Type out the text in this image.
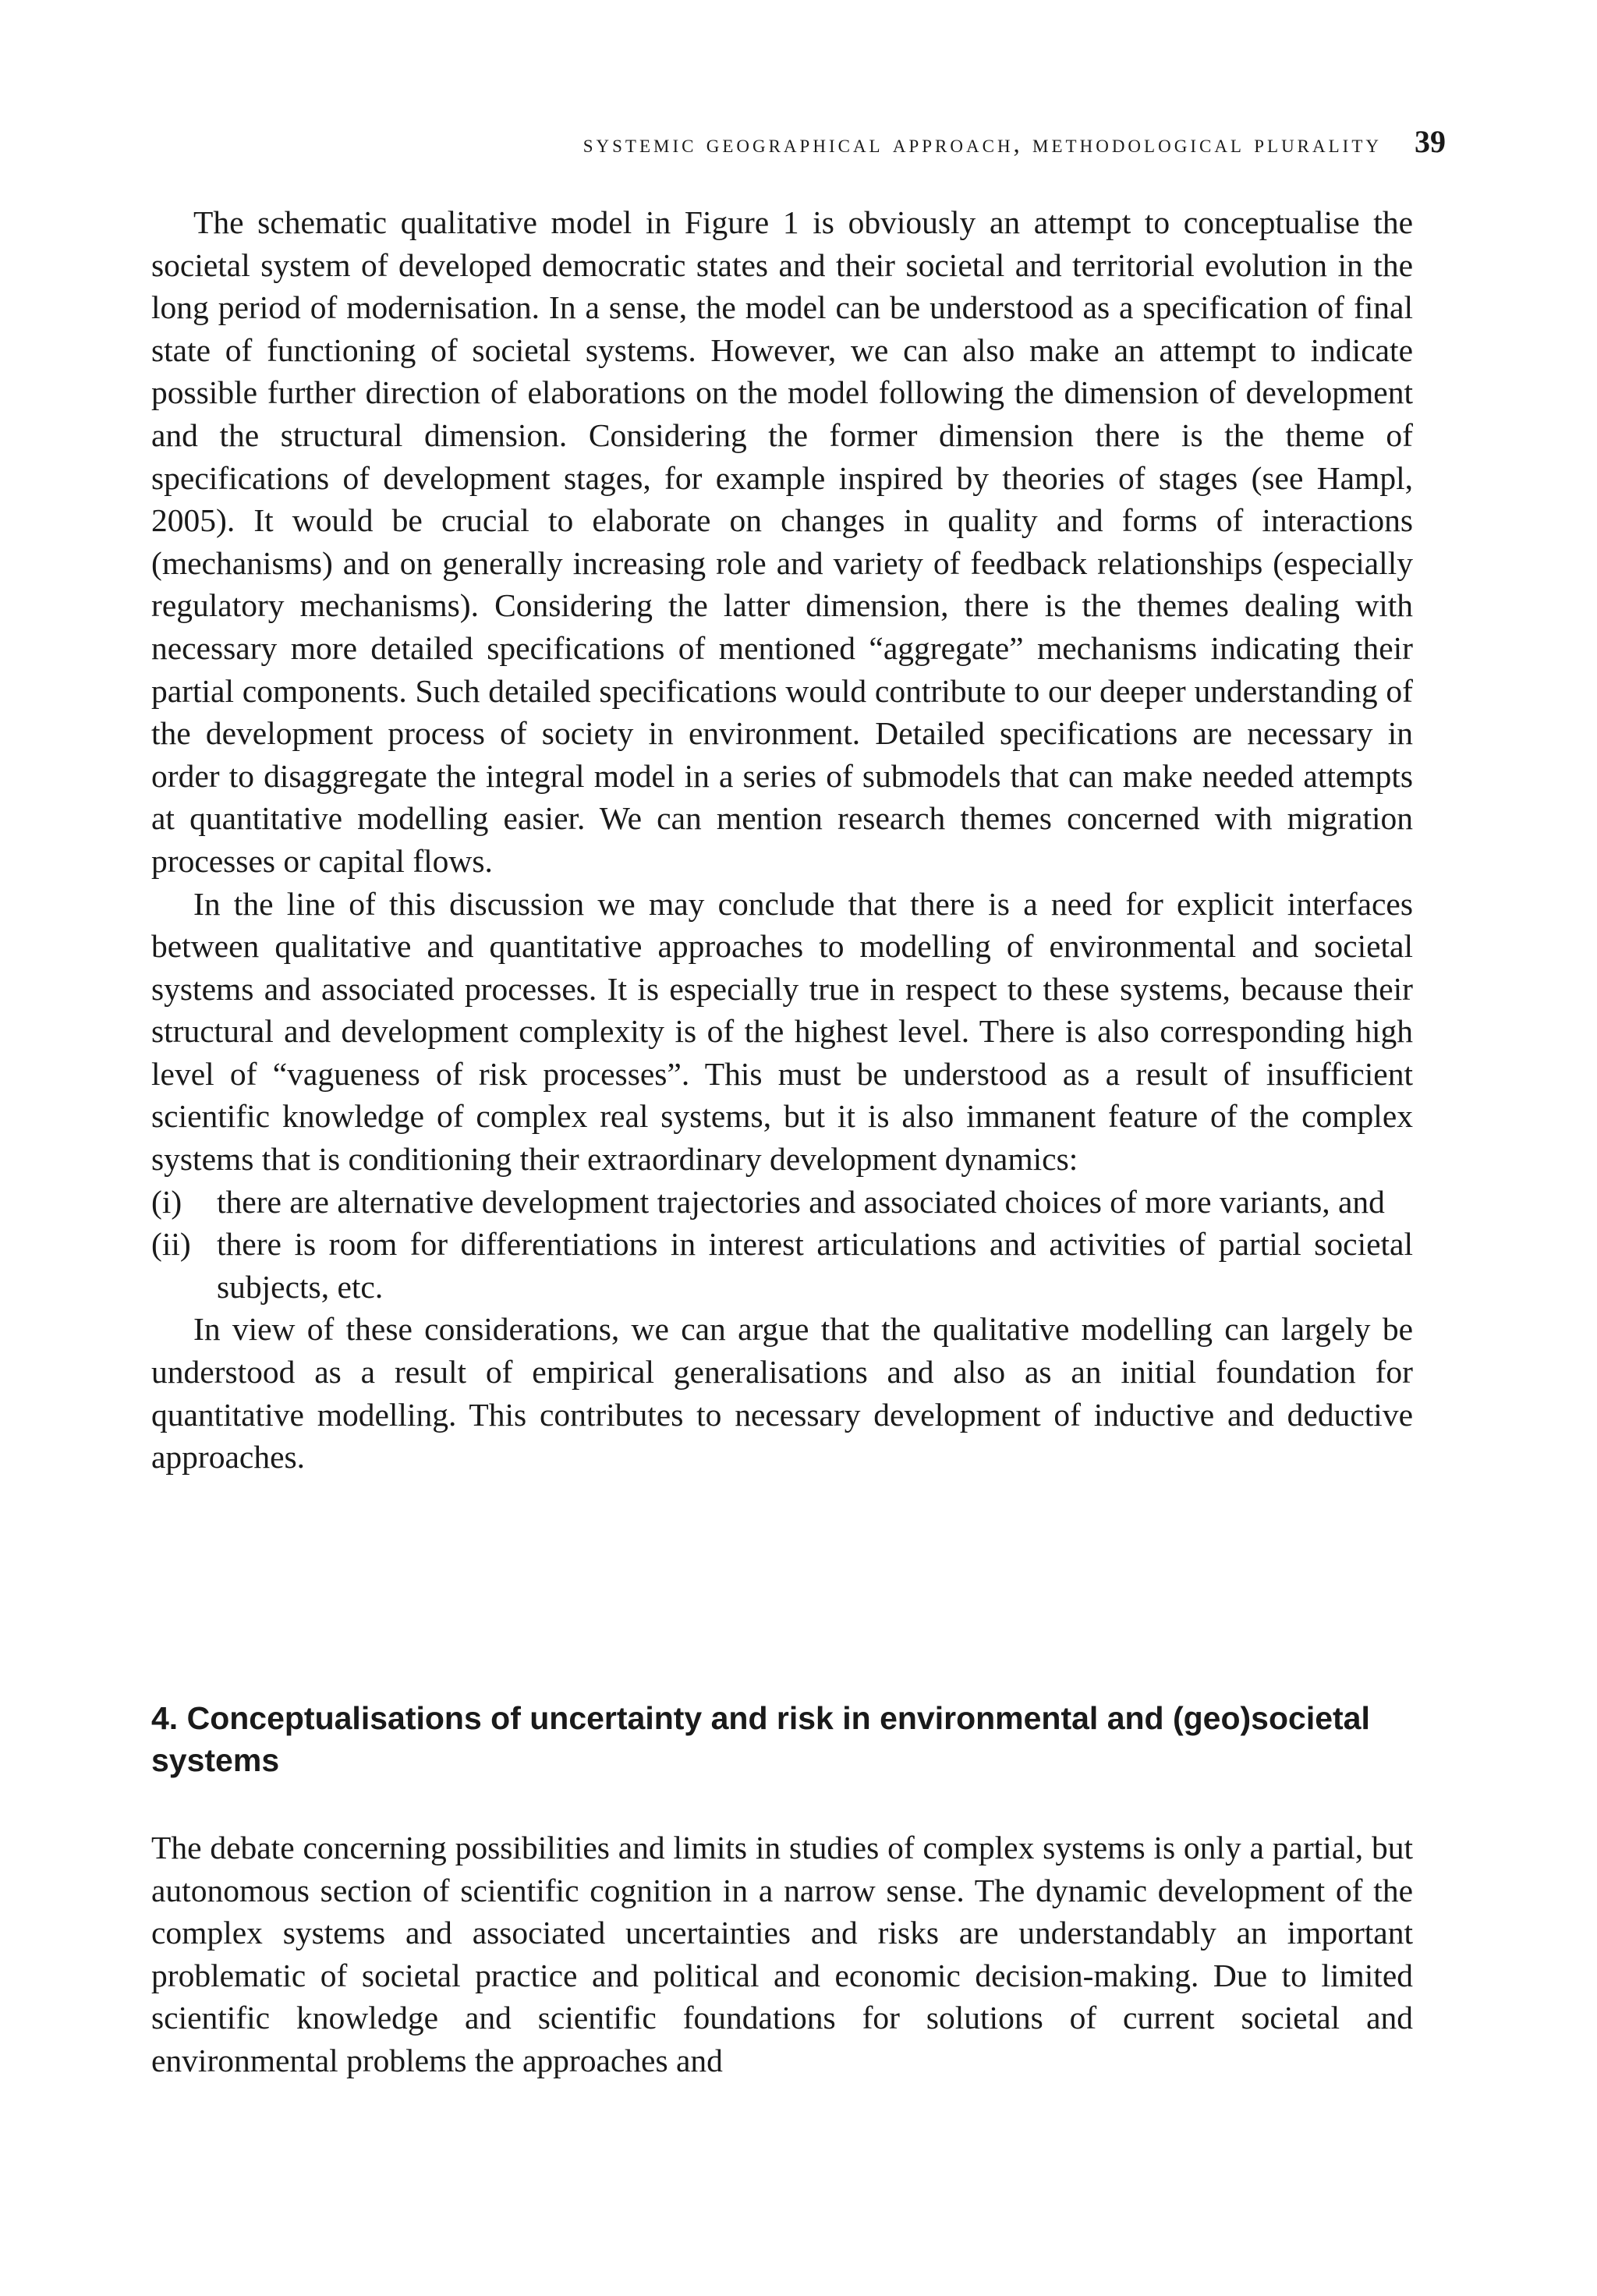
systemic geographical approach, methodological plurality 39

The schematic qualitative model in Figure 1 is obviously an attempt to conceptualise the societal system of developed democratic states and their societal and territorial evolution in the long period of modernisation. In a sense, the model can be understood as a specification of final state of functioning of societal systems. However, we can also make an attempt to indicate possible further direction of elaborations on the model following the dimension of development and the structural dimension. Considering the former dimension there is the theme of specifications of development stages, for example inspired by theories of stages (see Hampl, 2005). It would be crucial to elaborate on changes in quality and forms of interactions (mechanisms) and on generally increasing role and variety of feedback relationships (especially regulatory mechanisms). Considering the latter dimension, there is the themes dealing with necessary more detailed specifications of mentioned “aggregate” mechanisms indicating their partial components. Such detailed specifications would contribute to our deeper understanding of the development process of society in environment. Detailed specifications are necessary in order to disaggregate the integral model in a series of submodels that can make needed attempts at quantitative modelling easier. We can mention research themes concerned with migration processes or capital flows.

In the line of this discussion we may conclude that there is a need for explicit interfaces between qualitative and quantitative approaches to modelling of environmental and societal systems and associated processes. It is especially true in respect to these systems, because their structural and development complexity is of the highest level. There is also corresponding high level of “vagueness of risk processes”. This must be understood as a result of insufficient scientific knowledge of complex real systems, but it is also immanent feature of the complex systems that is conditioning their extraordinary development dynamics:

(i)	there are alternative development trajectories and associated choices of more variants, and
(ii) there is room for differentiations in interest articulations and activities of partial societal subjects, etc.

In view of these considerations, we can argue that the qualitative modelling can largely be understood as a result of empirical generalisations and also as an initial foundation for quantitative modelling. This contributes to necessary development of inductive and deductive approaches.

4. Conceptualisations of uncertainty and risk in environmental and (geo)societal systems

The debate concerning possibilities and limits in studies of complex systems is only a partial, but autonomous section of scientific cognition in a narrow sense. The dynamic development of the complex systems and associated uncertainties and risks are understandably an important problematic of societal practice and political and economic decision-making. Due to limited scientific knowledge and scientific foundations for solutions of current societal and environmental problems the approaches and
